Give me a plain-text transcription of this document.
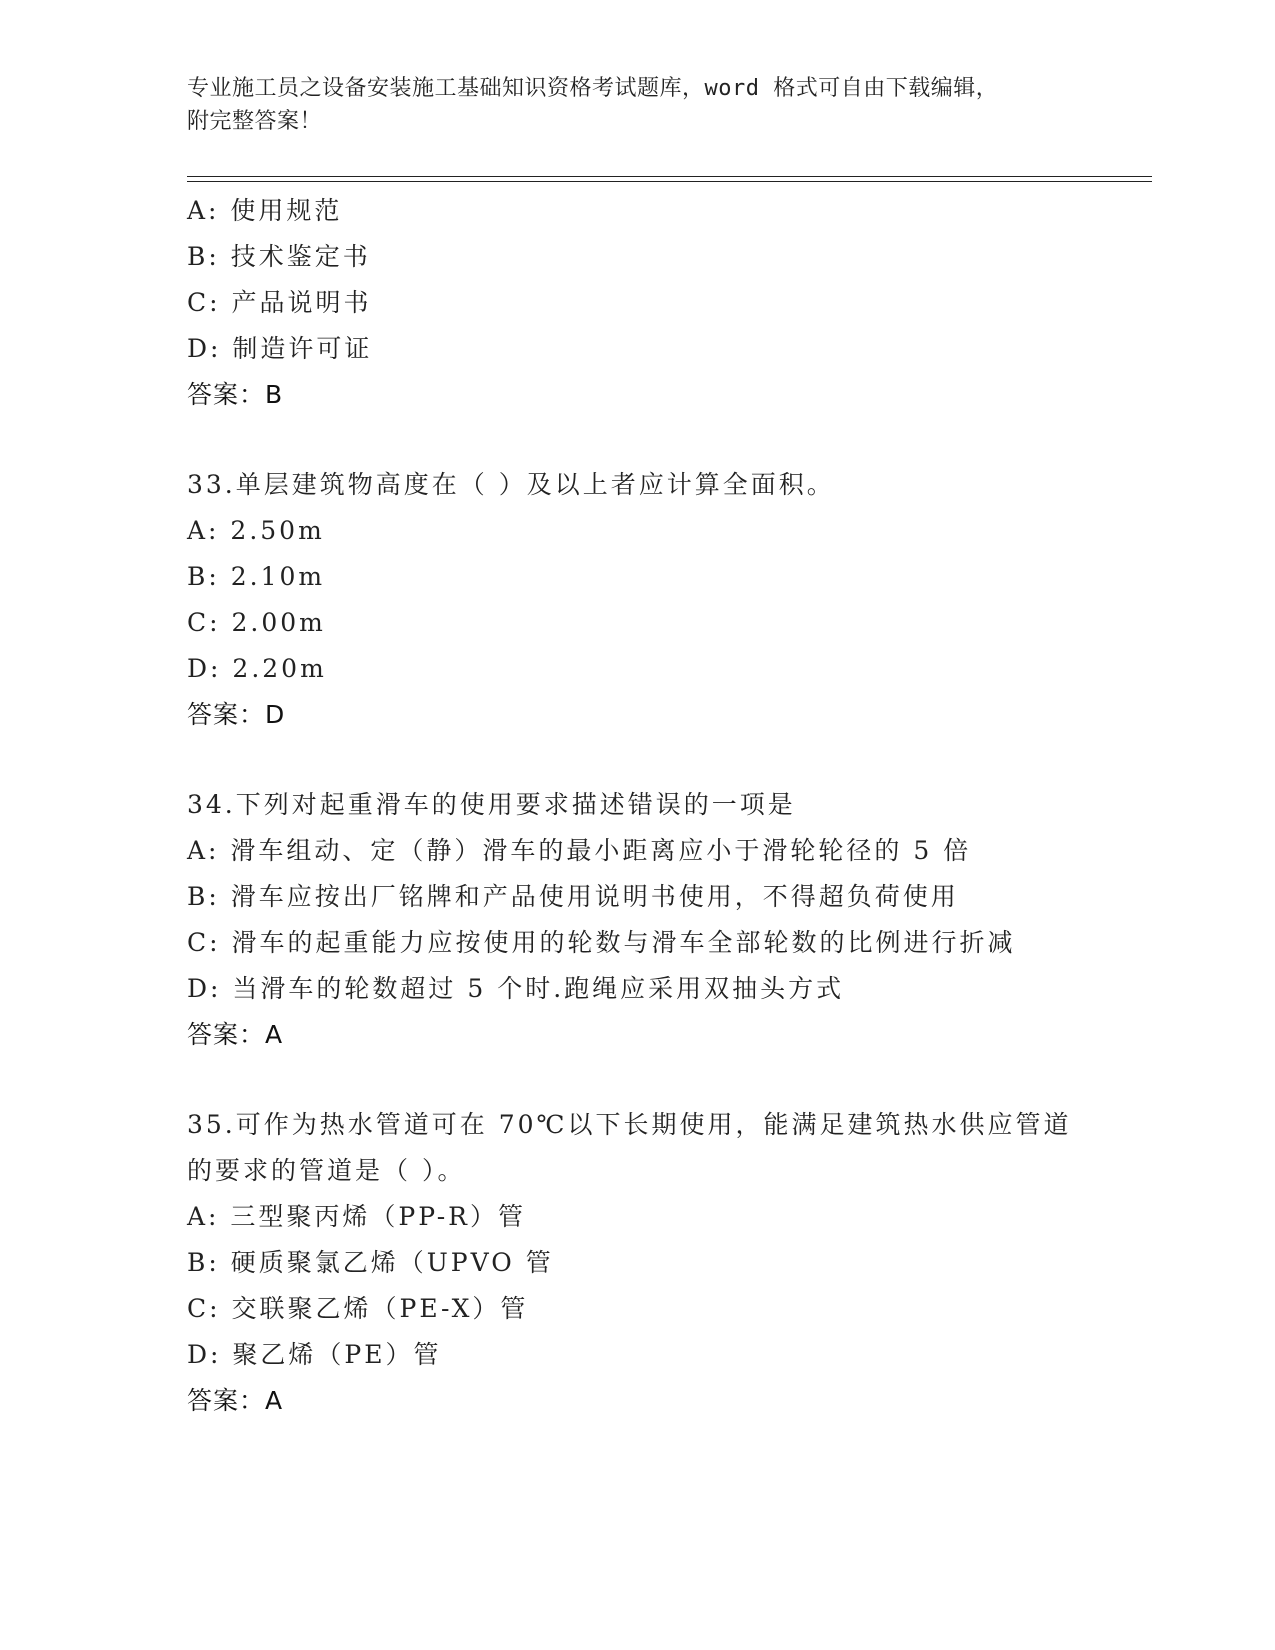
专业施工员之设备安装施工基础知识资格考试题库，word 格式可自由下载编辑，
附完整答案！
A: 使用规范
B: 技术鉴定书
C: 产品说明书
D: 制造许可证
答案：B
33.单层建筑物高度在（ ）及以上者应计算全面积。
A: 2.50m
B: 2.10m
C: 2.00m
D: 2.20m
答案：D
34.下列对起重滑车的使用要求描述错误的一项是
A: 滑车组动、定（静）滑车的最小距离应小于滑轮轮径的 5 倍
B: 滑车应按出厂铭牌和产品使用说明书使用，不得超负荷使用
C: 滑车的起重能力应按使用的轮数与滑车全部轮数的比例进行折减
D: 当滑车的轮数超过 5 个时.跑绳应采用双抽头方式
答案：A
35.可作为热水管道可在 70℃以下长期使用，能满足建筑热水供应管道
的要求的管道是（ ）。
A: 三型聚丙烯（PP-R）管
B: 硬质聚氯乙烯（UPVO 管
C: 交联聚乙烯（PE-X）管
D: 聚乙烯（PE）管
答案：A
